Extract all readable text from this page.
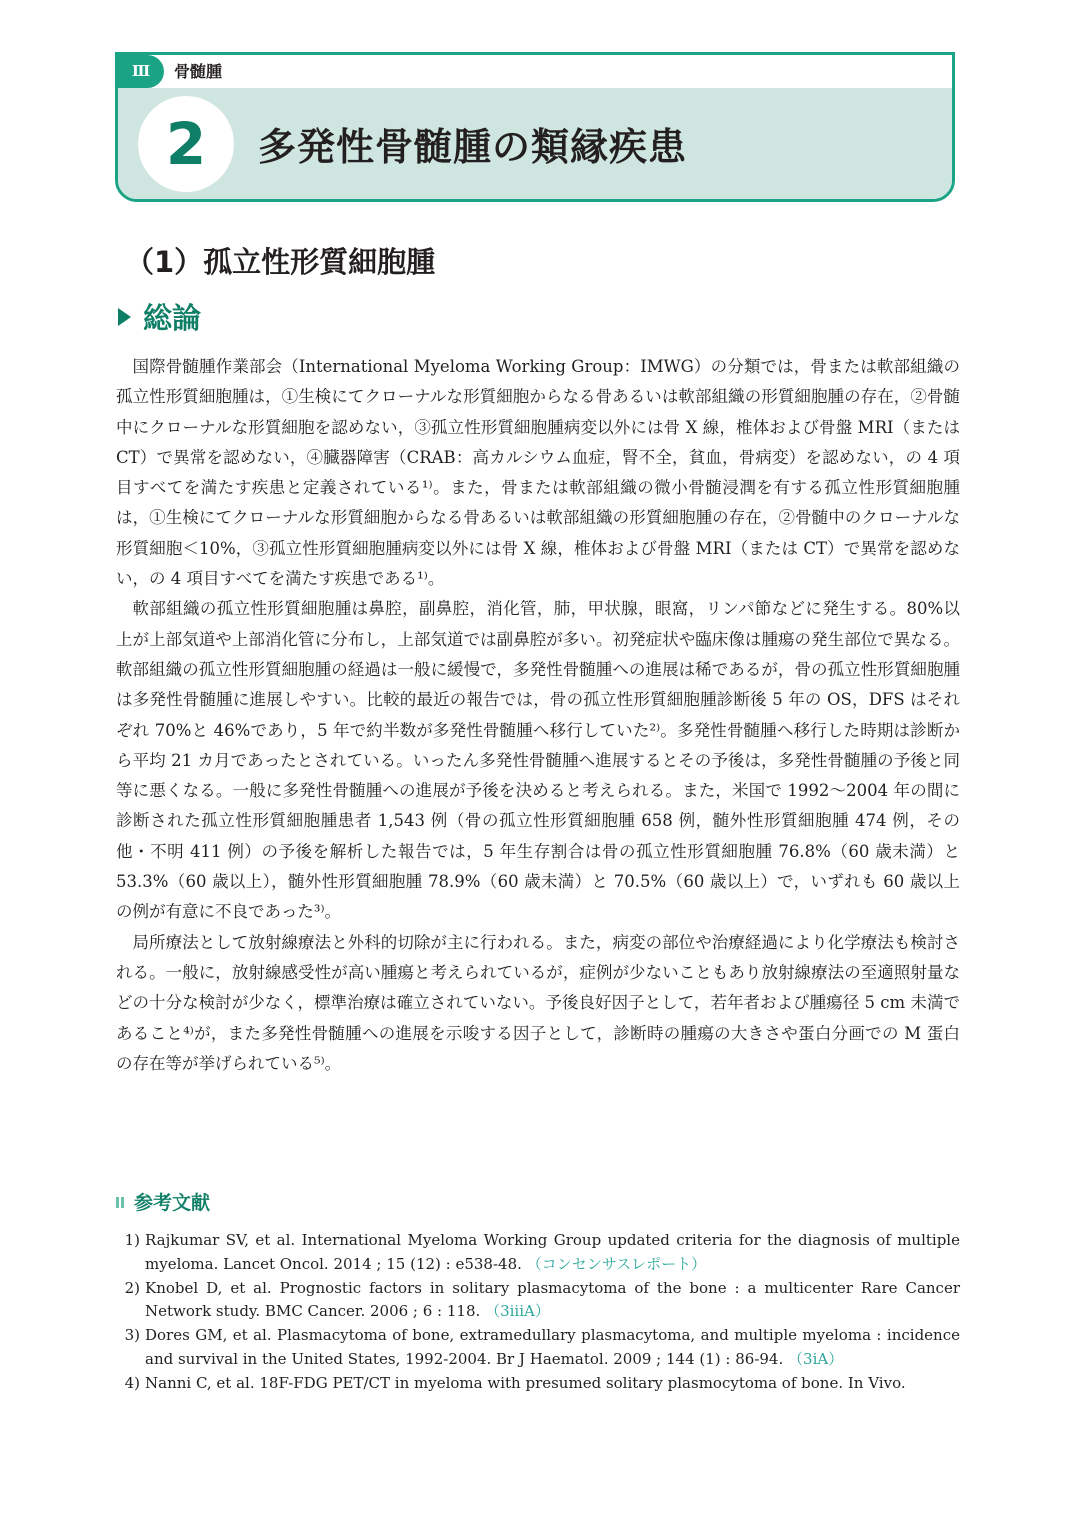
Ⅲ	骨髄腫
2	多発性骨髄腫の類縁疾患
（1）孤立性形質細胞腫
総論

国際骨髄腫作業部会（International Myeloma Working Group：IMWG）の分類では，骨または軟部組織の孤立性形質細胞腫は，①生検にてクローナルな形質細胞からなる骨あるいは軟部組織の形質細胞腫の存在，②骨髄中にクローナルな形質細胞を認めない，③孤立性形質細胞腫病変以外には骨 X 線，椎体および骨盤 MRI（または CT）で異常を認めない，④臓器障害（CRAB：高カルシウム血症，腎不全，貧血，骨病変）を認めない，の 4 項目すべてを満たす疾患と定義されている¹⁾。また，骨または軟部組織の微小骨髄浸潤を有する孤立性形質細胞腫は，①生検にてクローナルな形質細胞からなる骨あるいは軟部組織の形質細胞腫の存在，②骨髄中のクローナルな形質細胞＜10%，③孤立性形質細胞腫病変以外には骨 X 線，椎体および骨盤 MRI（または CT）で異常を認めない，の 4 項目すべてを満たす疾患である¹⁾。

軟部組織の孤立性形質細胞腫は鼻腔，副鼻腔，消化管，肺，甲状腺，眼窩，リンパ節などに発生する。80%以上が上部気道や上部消化管に分布し，上部気道では副鼻腔が多い。初発症状や臨床像は腫瘍の発生部位で異なる。軟部組織の孤立性形質細胞腫の経過は一般に緩慢で，多発性骨髄腫への進展は稀であるが，骨の孤立性形質細胞腫は多発性骨髄腫に進展しやすい。比較的最近の報告では，骨の孤立性形質細胞腫診断後 5 年の OS，DFS はそれぞれ 70%と 46%であり，5 年で約半数が多発性骨髄腫へ移行していた²⁾。多発性骨髄腫へ移行した時期は診断から平均 21 カ月であったとされている。いったん多発性骨髄腫へ進展するとその予後は，多発性骨髄腫の予後と同等に悪くなる。一般に多発性骨髄腫への進展が予後を決めると考えられる。また，米国で 1992〜2004 年の間に診断された孤立性形質細胞腫患者 1,543 例（骨の孤立性形質細胞腫 658 例，髄外性形質細胞腫 474 例，その他・不明 411 例）の予後を解析した報告では，5 年生存割合は骨の孤立性形質細胞腫 76.8%（60 歳未満）と 53.3%（60 歳以上），髄外性形質細胞腫 78.9%（60 歳未満）と 70.5%（60 歳以上）で，いずれも 60 歳以上の例が有意に不良であった³⁾。

局所療法として放射線療法と外科的切除が主に行われる。また，病変の部位や治療経過により化学療法も検討される。一般に，放射線感受性が高い腫瘍と考えられているが，症例が少ないこともあり放射線療法の至適照射量などの十分な検討が少なく，標準治療は確立されていない。予後良好因子として，若年者および腫瘍径 5 cm 未満であること⁴⁾が，また多発性骨髄腫への進展を示唆する因子として，診断時の腫瘍の大きさや蛋白分画での M 蛋白の存在等が挙げられている⁵⁾。

参考文献
1) Rajkumar SV, et al. International Myeloma Working Group updated criteria for the diagnosis of multiple myeloma. Lancet Oncol. 2014 ; 15 (12) : e538-48. （コンセンサスレポート）
2) Knobel D, et al. Prognostic factors in solitary plasmacytoma of the bone : a multicenter Rare Cancer Network study. BMC Cancer. 2006 ; 6 : 118. （3iiiA）
3) Dores GM, et al. Plasmacytoma of bone, extramedullary plasmacytoma, and multiple myeloma : incidence and survival in the United States, 1992-2004. Br J Haematol. 2009 ; 144 (1) : 86-94. （3iA）
4) Nanni C, et al. 18F-FDG PET/CT in myeloma with presumed solitary plasmocytoma of bone. In Vivo.
